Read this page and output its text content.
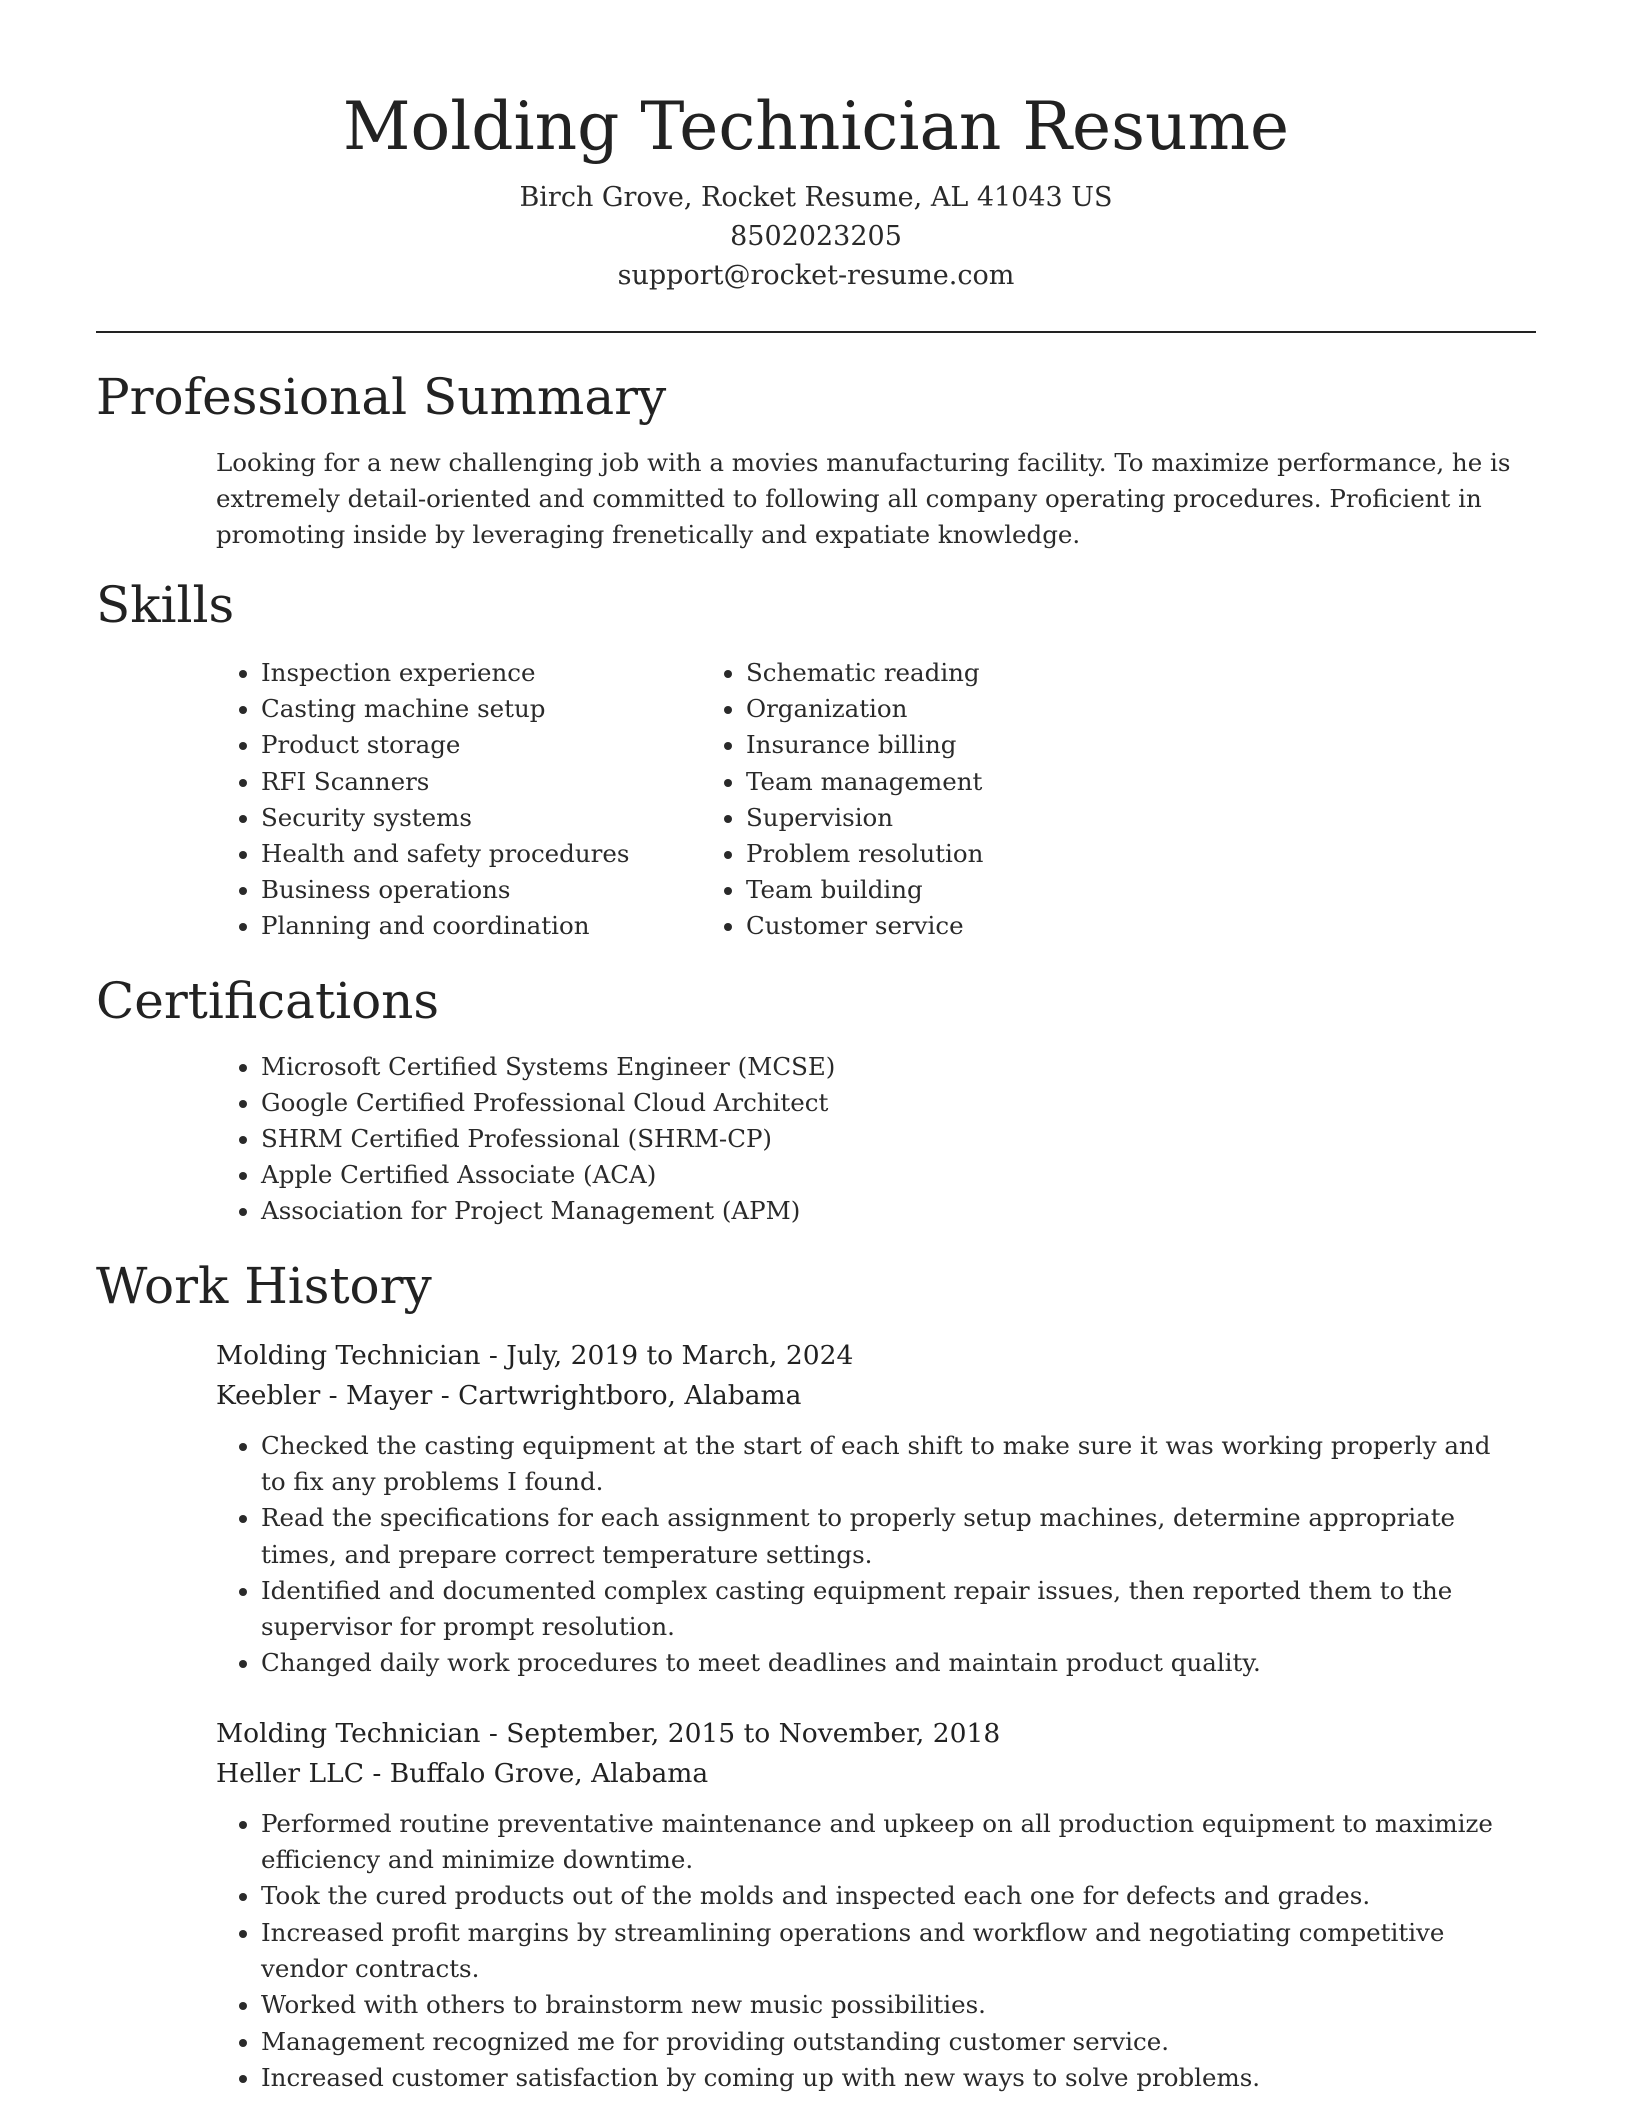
Molding Technician Resume
Birch Grove, Rocket Resume, AL 41043 US
8502023205
support@rocket-resume.com
Professional Summary

Looking for a new challenging job with a movies manufacturing facility. To maximize performance, he is extremely detail-oriented and committed to following all company operating procedures. Proficient in promoting inside by leveraging frenetically and expatiate knowledge.

Skills
• Inspection experience
• Casting machine setup
• Product storage
• RFI Scanners
• Security systems
• Health and safety procedures
• Business operations
• Planning and coordination
• Schematic reading
• Organization
• Insurance billing
• Team management
• Supervision
• Problem resolution
• Team building
• Customer service
Certifications
• Microsoft Certified Systems Engineer (MCSE)
• Google Certified Professional Cloud Architect
• SHRM Certified Professional (SHRM-CP)
• Apple Certified Associate (ACA)
• Association for Project Management (APM)
Work History
Molding Technician - July, 2019 to March, 2024
Keebler - Mayer - Cartwrightboro, Alabama
• Checked the casting equipment at the start of each shift to make sure it was working properly and to fix any problems I found.
• Read the specifications for each assignment to properly setup machines, determine appropriate times, and prepare correct temperature settings.
• Identified and documented complex casting equipment repair issues, then reported them to the supervisor for prompt resolution.
• Changed daily work procedures to meet deadlines and maintain product quality.
Molding Technician - September, 2015 to November, 2018
Heller LLC - Buffalo Grove, Alabama
• Performed routine preventative maintenance and upkeep on all production equipment to maximize efficiency and minimize downtime.
• Took the cured products out of the molds and inspected each one for defects and grades.
• Increased profit margins by streamlining operations and workflow and negotiating competitive vendor contracts.
• Worked with others to brainstorm new music possibilities.
• Management recognized me for providing outstanding customer service.
• Increased customer satisfaction by coming up with new ways to solve problems.
